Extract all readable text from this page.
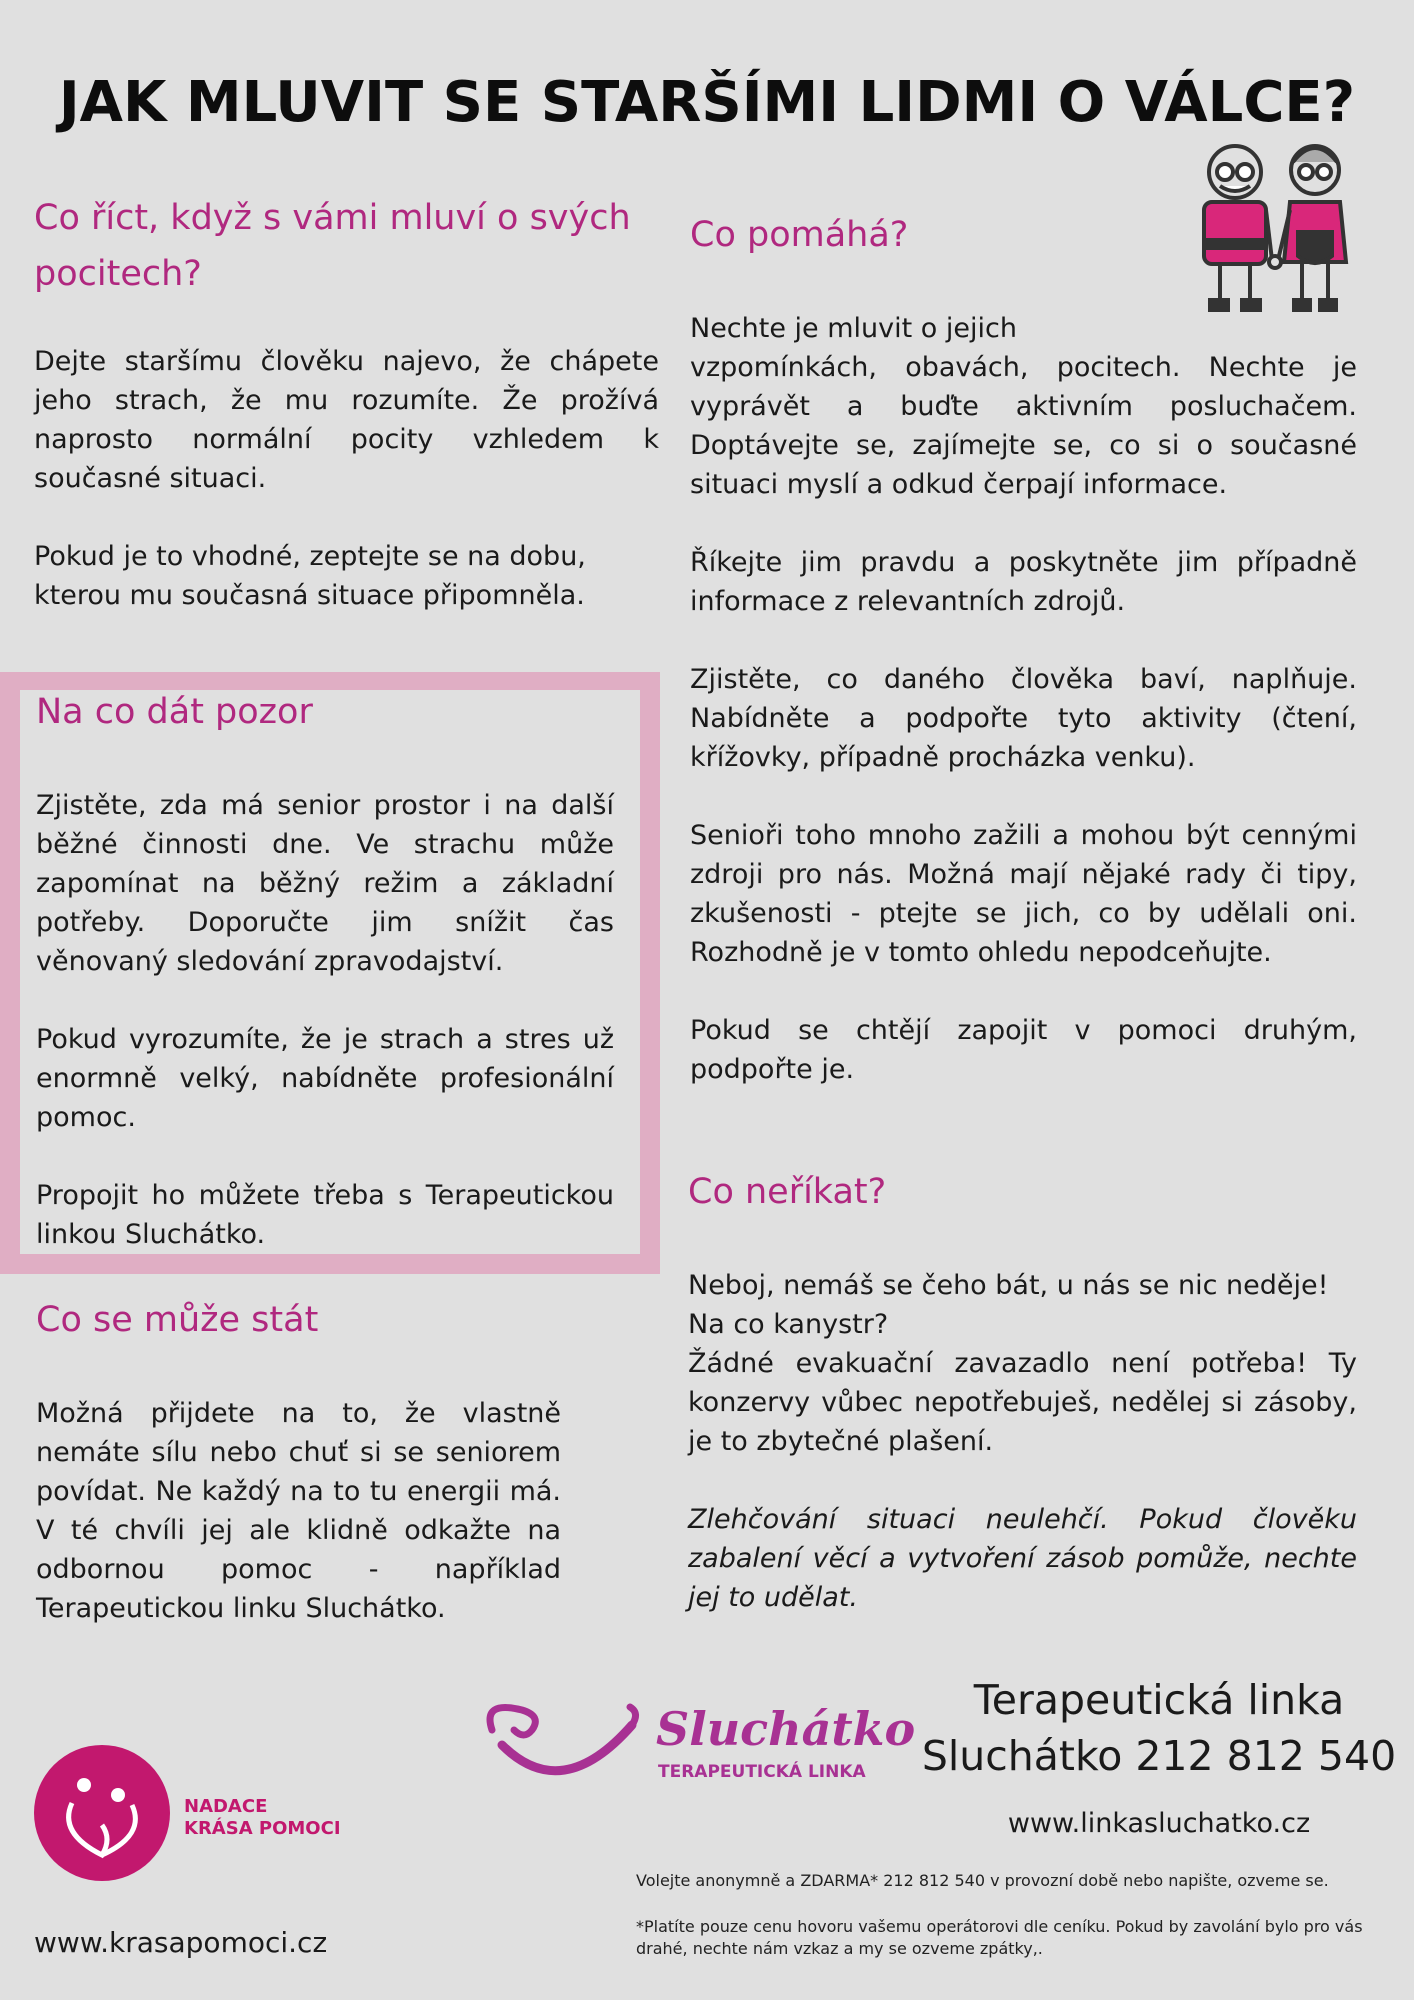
JAK MLUVIT SE STARŠÍMI LIDMI O VÁLCE?
Co říct, když s vámi mluví o svých pocitech?

Dejte staršímu člověku najevo, že chápete jeho strach, že mu rozumíte. Že prožívá naprosto normální pocity vzhledem k současné situaci.

Pokud je to vhodné, zeptejte se na dobu, kterou mu současná situace připomněla.

Na co dát pozor

Zjistěte, zda má senior prostor i na další běžné činnosti dne. Ve strachu může zapomínat na běžný režim a základní potřeby. Doporučte jim snížit čas věnovaný sledování zpravodajství.

Pokud vyrozumíte, že je strach a stres už enormně velký, nabídněte profesionální pomoc.

Propojit ho můžete třeba s Terapeutickou linkou Sluchátko.

Co se může stát

Možná přijdete na to, že vlastně nemáte sílu nebo chuť si se seniorem povídat. Ne každý na to tu energii má. V té chvíli jej ale klidně odkažte na odbornou pomoc - například Terapeutickou linku Sluchátko.

Co pomáhá?

Nechte je mluvit o jejich

vzpomínkách, obavách, pocitech. Nechte je vyprávět a buďte aktivním posluchačem. Doptávejte se, zajímejte se, co si o současné situaci myslí a odkud čerpají informace.

Říkejte jim pravdu a poskytněte jim případně informace z relevantních zdrojů.

Zjistěte, co daného člověka baví, naplňuje. Nabídněte a podpořte tyto aktivity (čtení, křížovky, případně procházka venku).

Senioři toho mnoho zažili a mohou být cennými zdroji pro nás. Možná mají nějaké rady či tipy, zkušenosti - ptejte se jich, co by udělali oni. Rozhodně je v tomto ohledu nepodceňujte.

Pokud se chtějí zapojit v pomoci druhým, podpořte je.

Co neříkat?

Neboj, nemáš se čeho bát, u nás se nic neděje!

Na co kanystr?

Žádné evakuační zavazadlo není potřeba! Ty konzervy vůbec nepotřebuješ, nedělej si zásoby, je to zbytečné plašení.

Zlehčování situaci neulehčí. Pokud člověku zabalení věcí a vytvoření zásob pomůže, nechte jej to udělat.

NADACE
KRÁSA POMOCI
www.krasapomoci.cz
Sluchátko
TERAPEUTICKÁ LINKA
Terapeutická linka
Sluchátko 212 812 540
www.linkasluchatko.cz
Volejte anonymně a ZDARMA* 212 812 540 v provozní době nebo napište, ozveme se.
*Platíte pouze cenu hovoru vašemu operátorovi dle ceníku. Pokud by zavolání bylo pro vás drahé, nechte nám vzkaz a my se ozveme zpátky,.
